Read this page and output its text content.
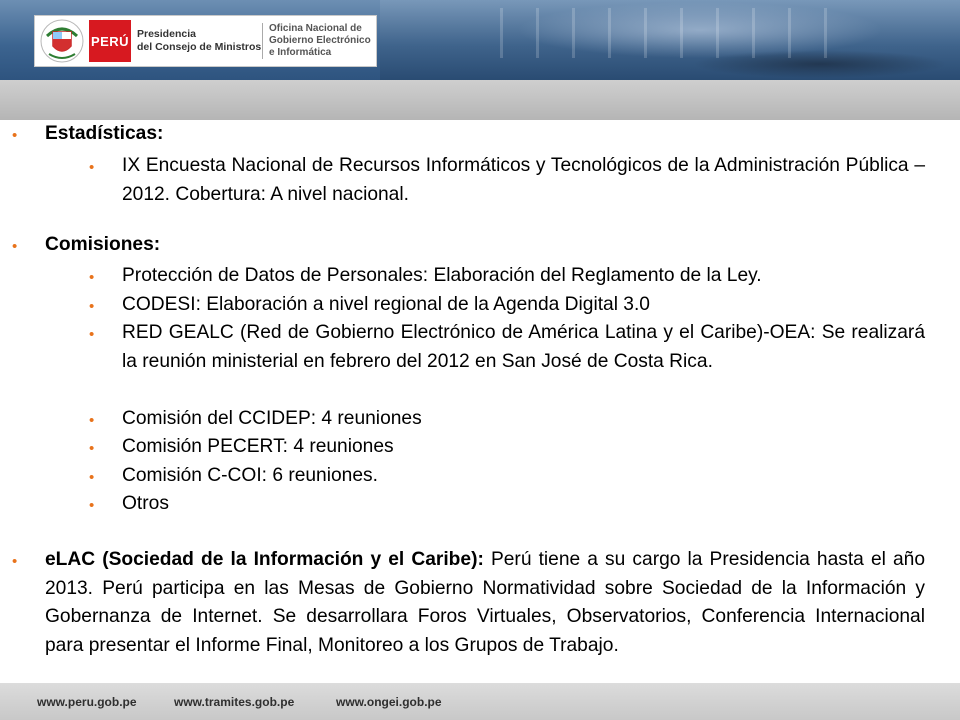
PERÚ Presidencia
del Consejo de Ministros
Oficina Nacional de
Gobierno Electrónico
e Informática
• Estadísticas:

• IX Encuesta Nacional de Recursos Informáticos y Tecnológicos de la Administración Pública – 2012. Cobertura: A nivel nacional.

• Comisiones:

• Protección de Datos de Personales: Elaboración del Reglamento de la Ley.

• CODESI: Elaboración a nivel regional de la Agenda Digital 3.0

• RED GEALC (Red de Gobierno Electrónico de América Latina y el Caribe)-OEA: Se realizará la reunión ministerial en febrero del 2012 en San José de Costa Rica.

• Comisión del CCIDEP: 4 reuniones

• Comisión PECERT: 4 reuniones

• Comisión C-COI: 6 reuniones.

• Otros

• eLAC (Sociedad de la Información y el Caribe): Perú tiene a su cargo la Presidencia hasta el año 2013. Perú participa en las Mesas de Gobierno Normatividad sobre Sociedad de la Información y Gobernanza de Internet. Se desarrollara Foros Virtuales, Observatorios, Conferencia Internacional para presentar el Informe Final, Monitoreo a los Grupos de Trabajo.

www.peru.gob.pe	www.tramites.gob.pe	www.ongei.gob.pe
